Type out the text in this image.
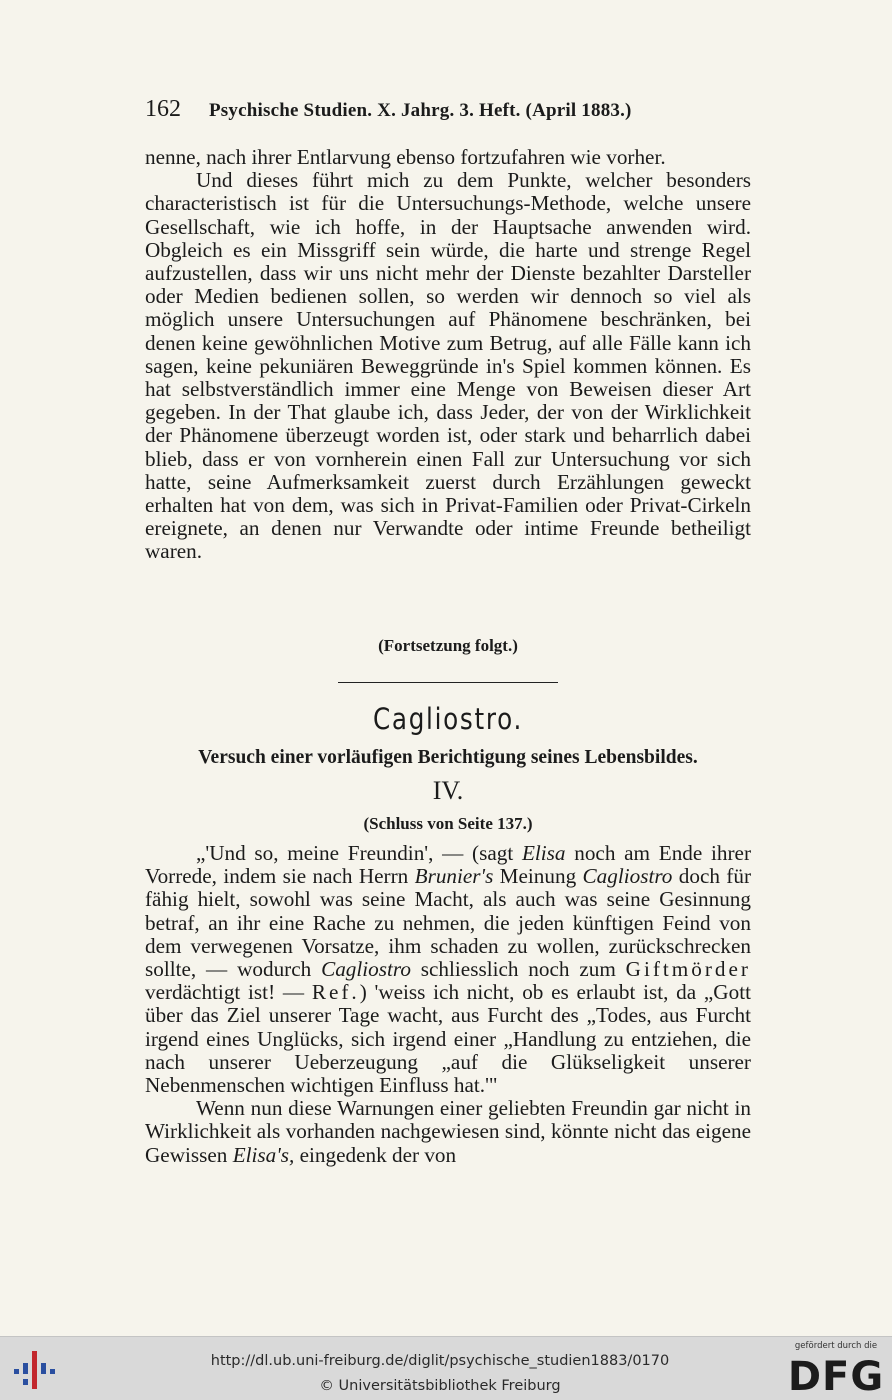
162 Psychische Studien. X. Jahrg. 3. Heft. (April 1883.)

nenne, nach ihrer Entlarvung ebenso fortzufahren wie vorher.

Und dieses führt mich zu dem Punkte, welcher besonders characteristisch ist für die Untersuchungs-Methode, welche unsere Gesellschaft, wie ich hoffe, in der Hauptsache anwenden wird. Obgleich es ein Missgriff sein würde, die harte und strenge Regel aufzustellen, dass wir uns nicht mehr der Dienste bezahlter Darsteller oder Medien bedienen sollen, so werden wir dennoch so viel als möglich unsere Untersuchungen auf Phänomene beschränken, bei denen keine gewöhnlichen Motive zum Betrug, auf alle Fälle kann ich sagen, keine pekuniären Beweggründe in's Spiel kommen können. Es hat selbstverständlich immer eine Menge von Beweisen dieser Art gegeben. In der That glaube ich, dass Jeder, der von der Wirklichkeit der Phänomene überzeugt worden ist, oder stark und beharrlich dabei blieb, dass er von vornherein einen Fall zur Untersuchung vor sich hatte, seine Aufmerksamkeit zuerst durch Erzählungen geweckt erhalten hat von dem, was sich in Privat-Familien oder Privat-Cirkeln ereignete, an denen nur Verwandte oder intime Freunde betheiligt waren.

(Fortsetzung folgt.)
Cagliostro.
Versuch einer vorläufigen Berichtigung seines Lebensbildes.
IV.
(Schluss von Seite 137.)

„'Und so, meine Freundin', — (sagt Elisa noch am Ende ihrer Vorrede, indem sie nach Herrn Brunier's Meinung Cagliostro doch für fähig hielt, sowohl was seine Macht, als auch was seine Gesinnung betraf, an ihr eine Rache zu nehmen, die jeden künftigen Feind von dem verwegenen Vorsatze, ihm schaden zu wollen, zurückschrecken sollte, — wodurch Cagliostro schliesslich noch zum Giftmörder verdächtigt ist! — Ref.) 'weiss ich nicht, ob es erlaubt ist, da „Gott über das Ziel unserer Tage wacht, aus Furcht des „Todes, aus Furcht irgend eines Unglücks, sich irgend einer „Handlung zu entziehen, die nach unserer Ueberzeugung „auf die Glükseligkeit unserer Nebenmenschen wichtigen Einfluss hat.'"

Wenn nun diese Warnungen einer geliebten Freundin gar nicht in Wirklichkeit als vorhanden nachgewiesen sind, könnte nicht das eigene Gewissen Elisa's, eingedenk der von

http://dl.ub.uni-freiburg.de/diglit/psychische_studien1883/0170
© Universitätsbibliothek Freiburg
gefördert durch die
DFG
